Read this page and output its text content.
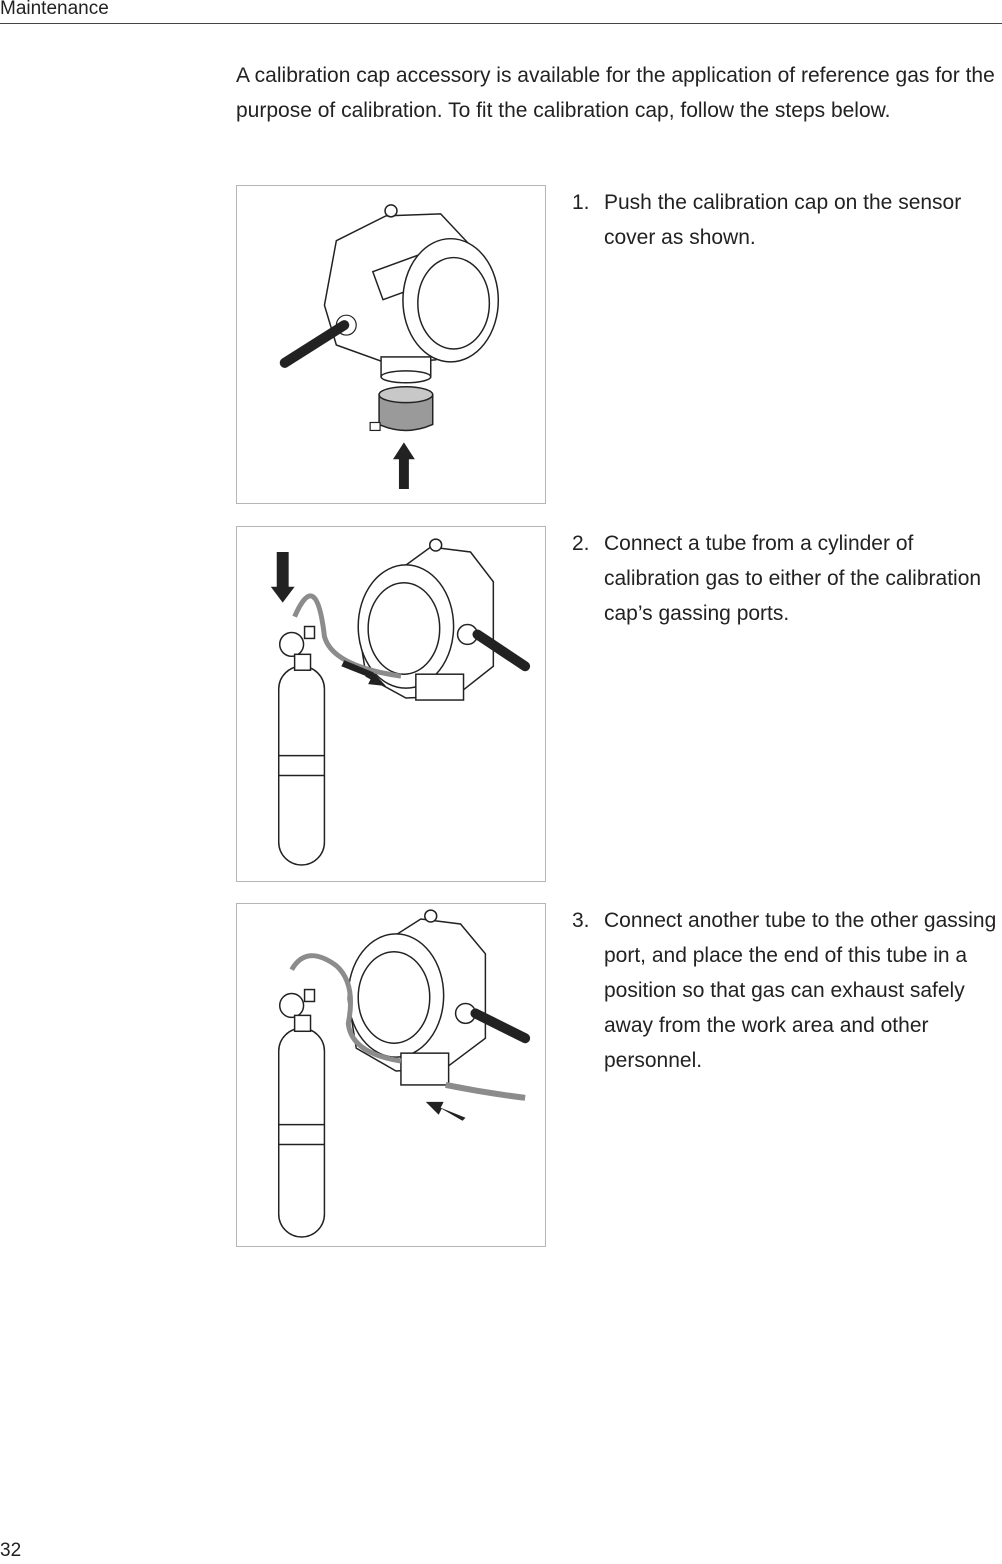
Maintenance

A calibration cap accessory is available for the application of reference gas for the purpose of calibration. To fit the calibration cap, follow the steps below.

1. Push the calibration cap on the sensor cover as shown.
2. Connect a tube from a cylinder of calibration gas to either of the calibration cap’s gassing ports.
3. Connect another tube to the other gassing port, and place the end of this tube in a position so that gas can exhaust safely away from the work area and other personnel.
32
